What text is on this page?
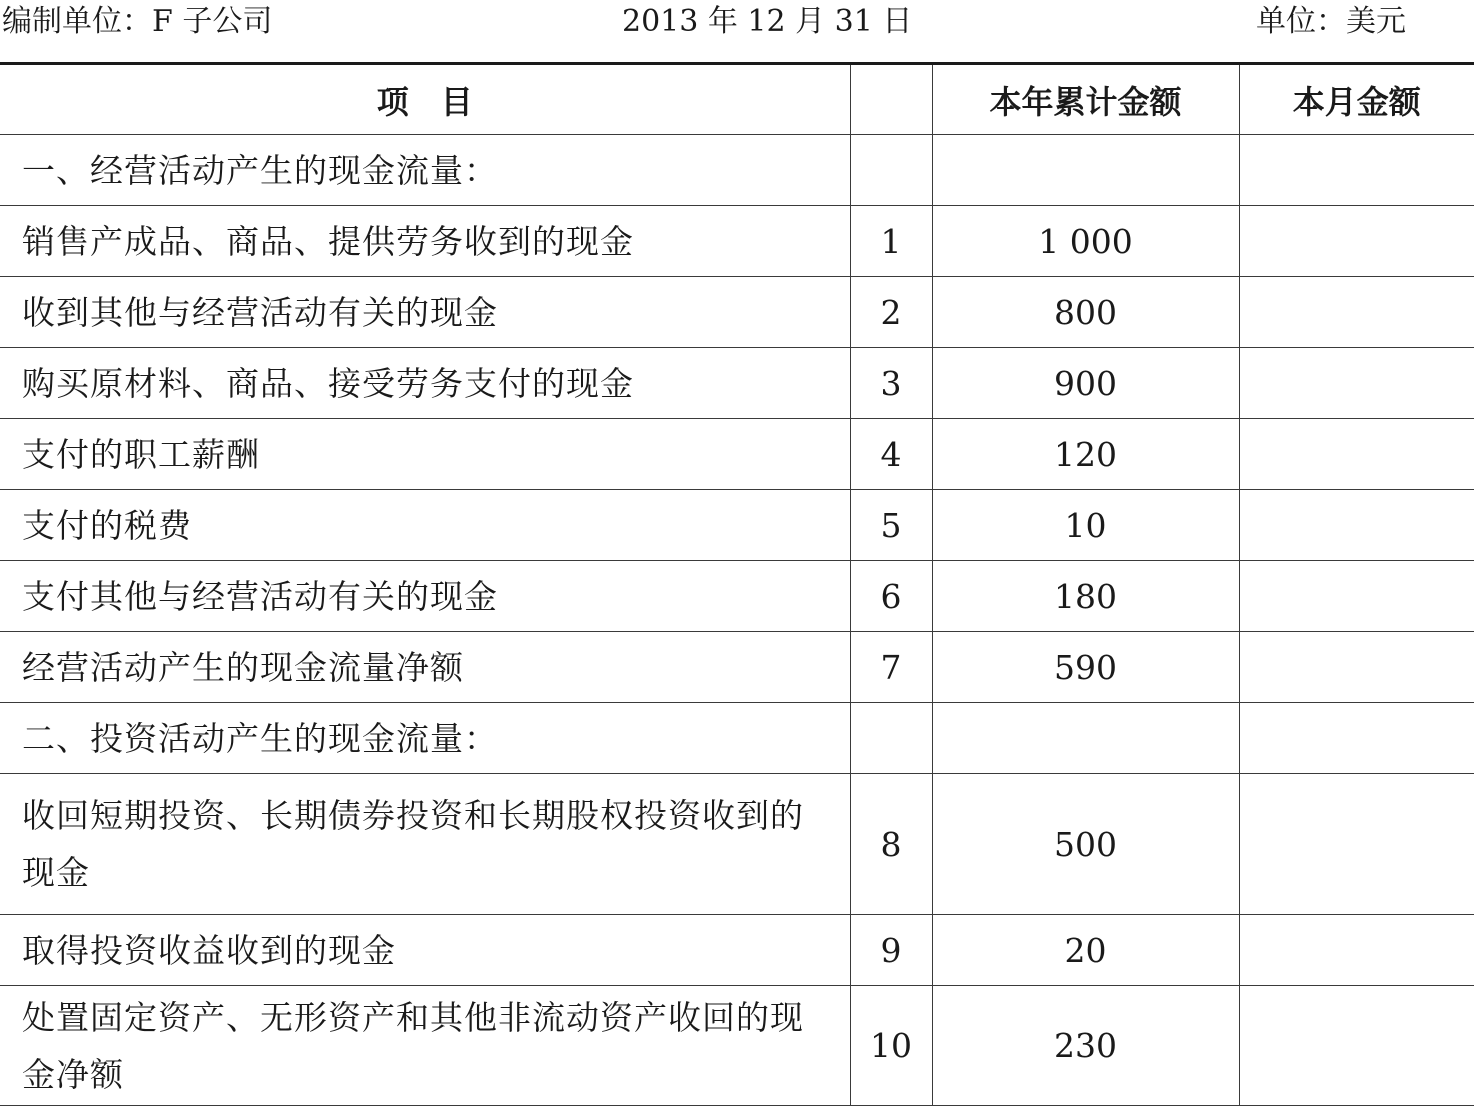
编制单位：F 子公司	2013 年 12 月 31 日	单位：美元
项　目		本年累计金额	本月金额
一、经营活动产生的现金流量：			
销售产成品、商品、提供劳务收到的现金	1	1 000	
收到其他与经营活动有关的现金	2	800	
购买原材料、商品、接受劳务支付的现金	3	900	
支付的职工薪酬	4	120	
支付的税费	5	10	
支付其他与经营活动有关的现金	6	180	
经营活动产生的现金流量净额	7	590	
二、投资活动产生的现金流量：			
收回短期投资、长期债券投资和长期股权投资收到的现金	8	500	
取得投资收益收到的现金	9	20	
处置固定资产、无形资产和其他非流动资产收回的现金净额	10	230	
